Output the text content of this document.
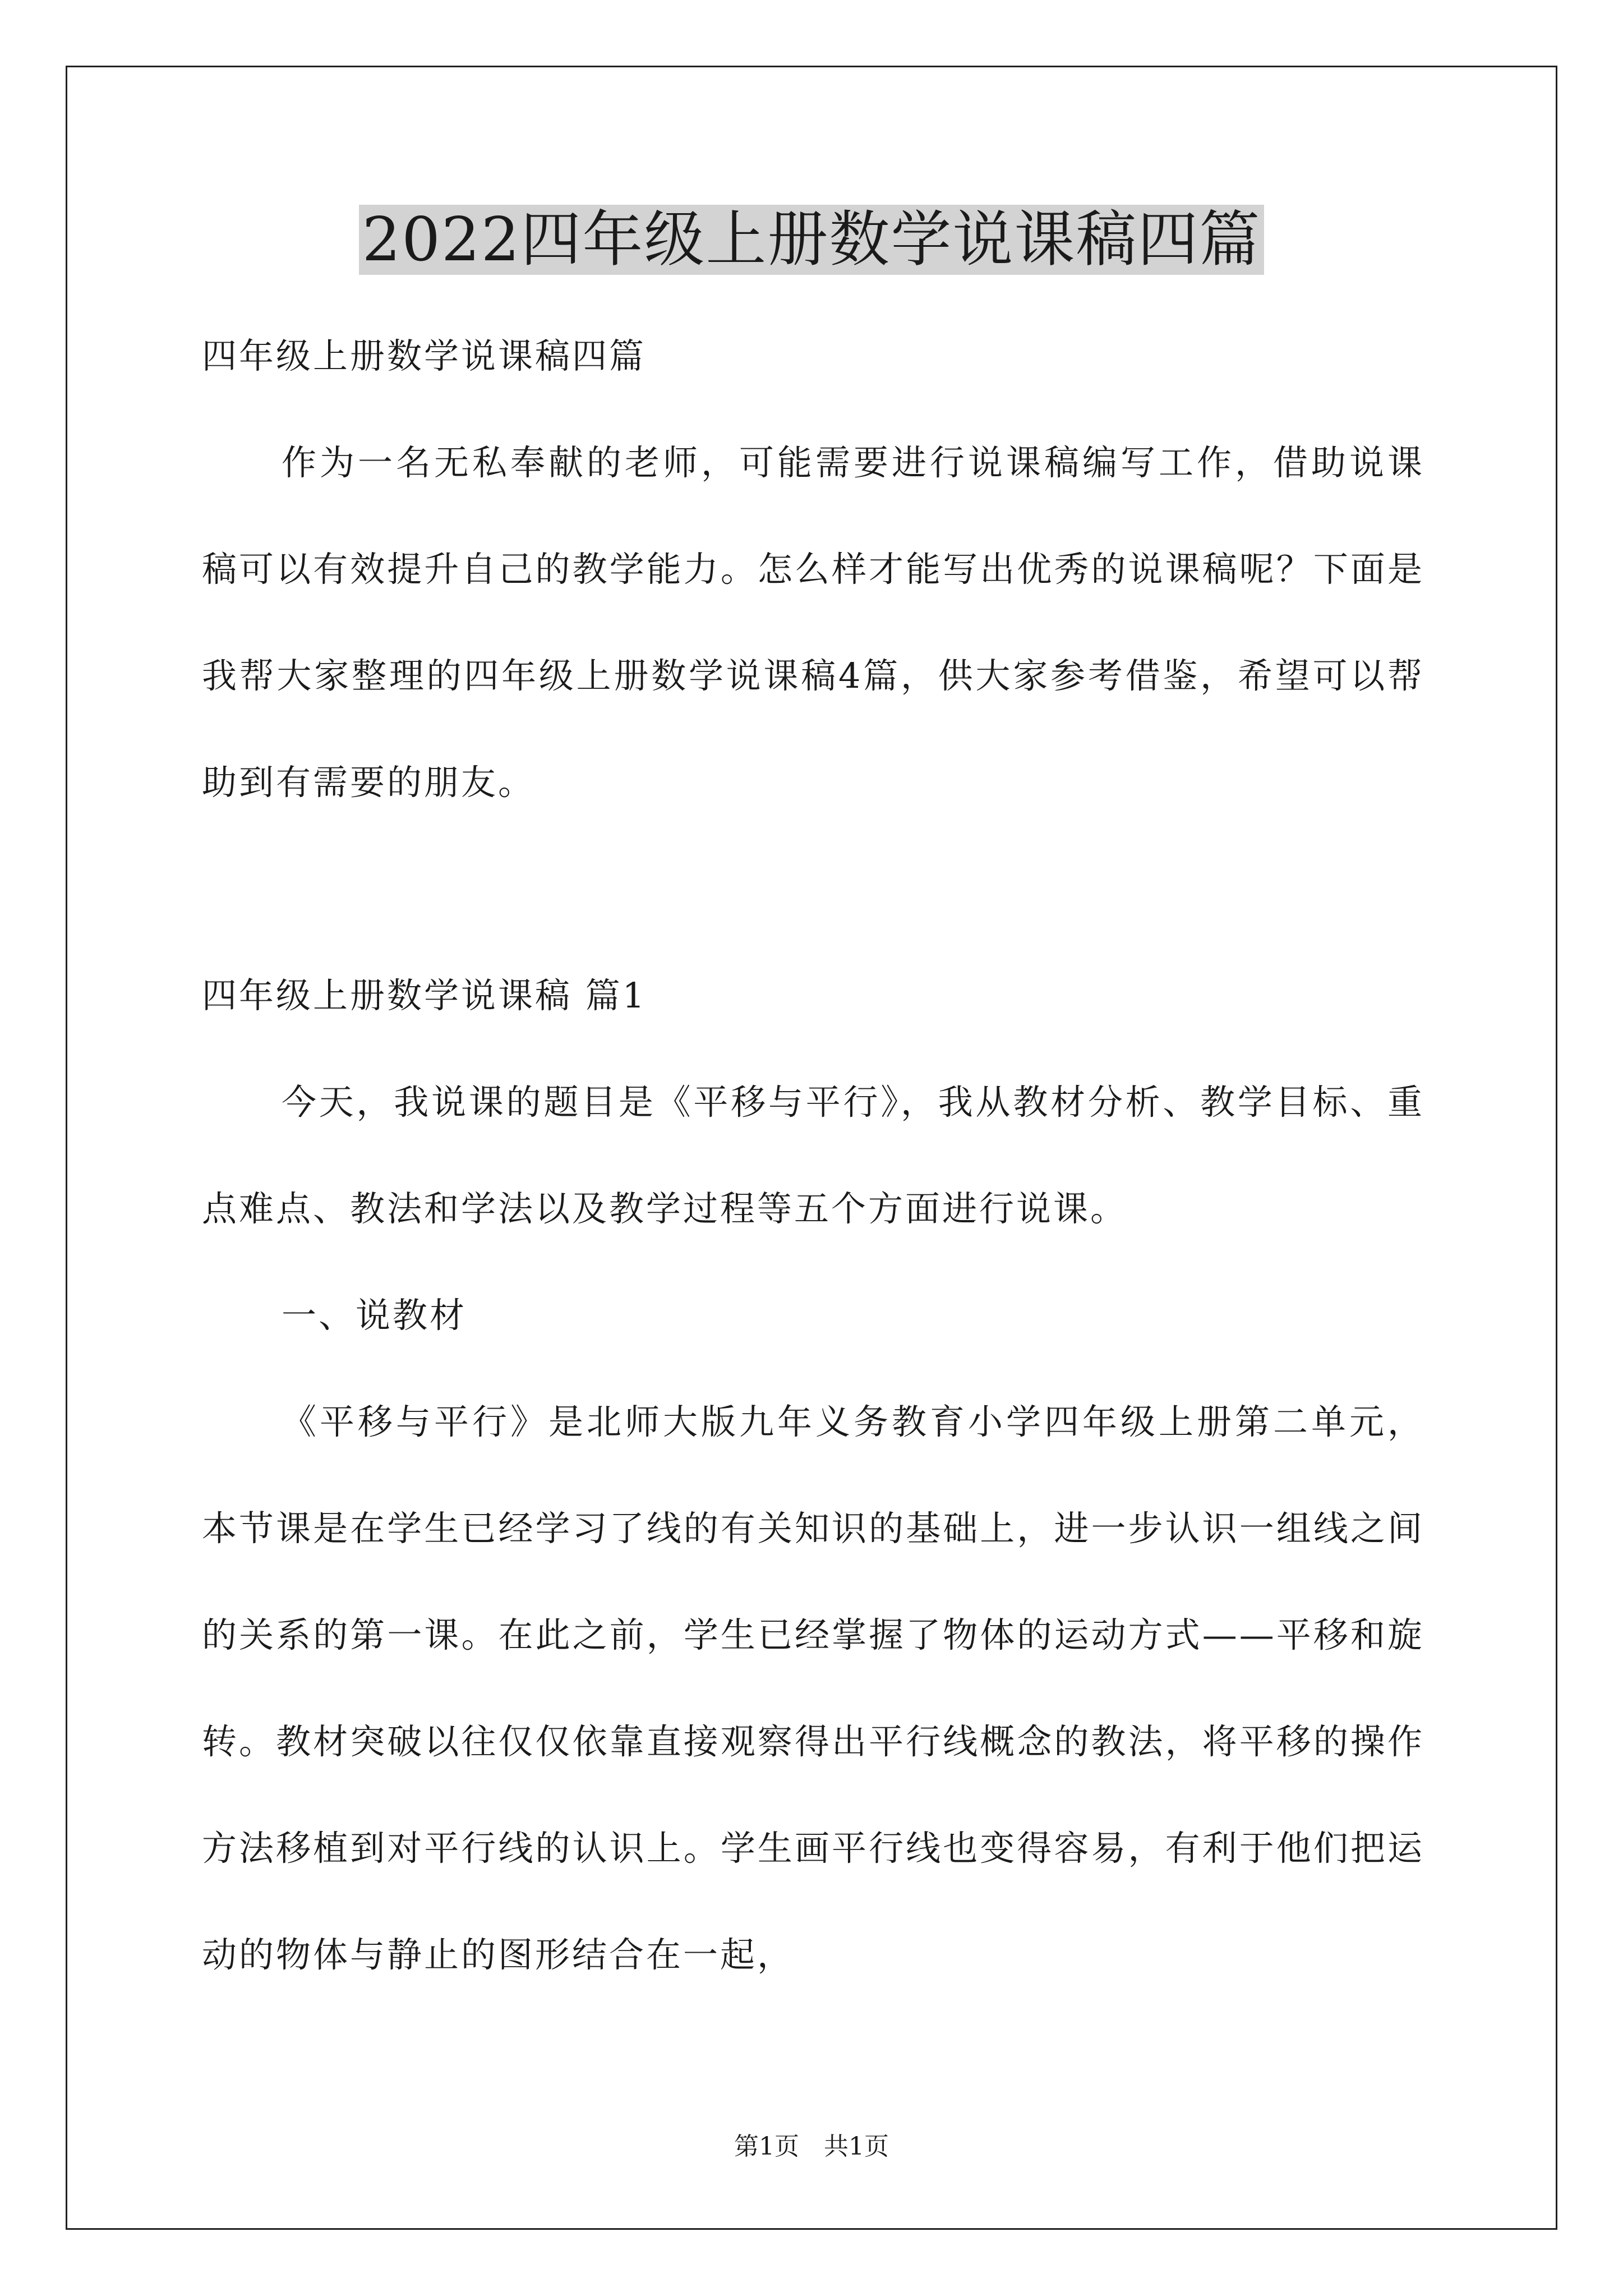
2022四年级上册数学说课稿四篇

四年级上册数学说课稿四篇

作为一名无私奉献的老师，可能需要进行说课稿编写工作，借助说课稿可以有效提升自己的教学能力。怎么样才能写出优秀的说课稿呢？下面是我帮大家整理的四年级上册数学说课稿4篇，供大家参考借鉴，希望可以帮助到有需要的朋友。

四年级上册数学说课稿 篇1

今天，我说课的题目是《平移与平行》，我从教材分析、教学目标、重点难点、教法和学法以及教学过程等五个方面进行说课。

一、说教材

《平移与平行》是北师大版九年义务教育小学四年级上册第二单元，本节课是在学生已经学习了线的有关知识的基础上，进一步认识一组线之间的关系的第一课。在此之前，学生已经掌握了物体的运动方式——平移和旋转。教材突破以往仅仅依靠直接观察得出平行线概念的教法，将平移的操作方法移植到对平行线的认识上。学生画平行线也变得容易，有利于他们把运动的物体与静止的图形结合在一起，

第1页　共1页
